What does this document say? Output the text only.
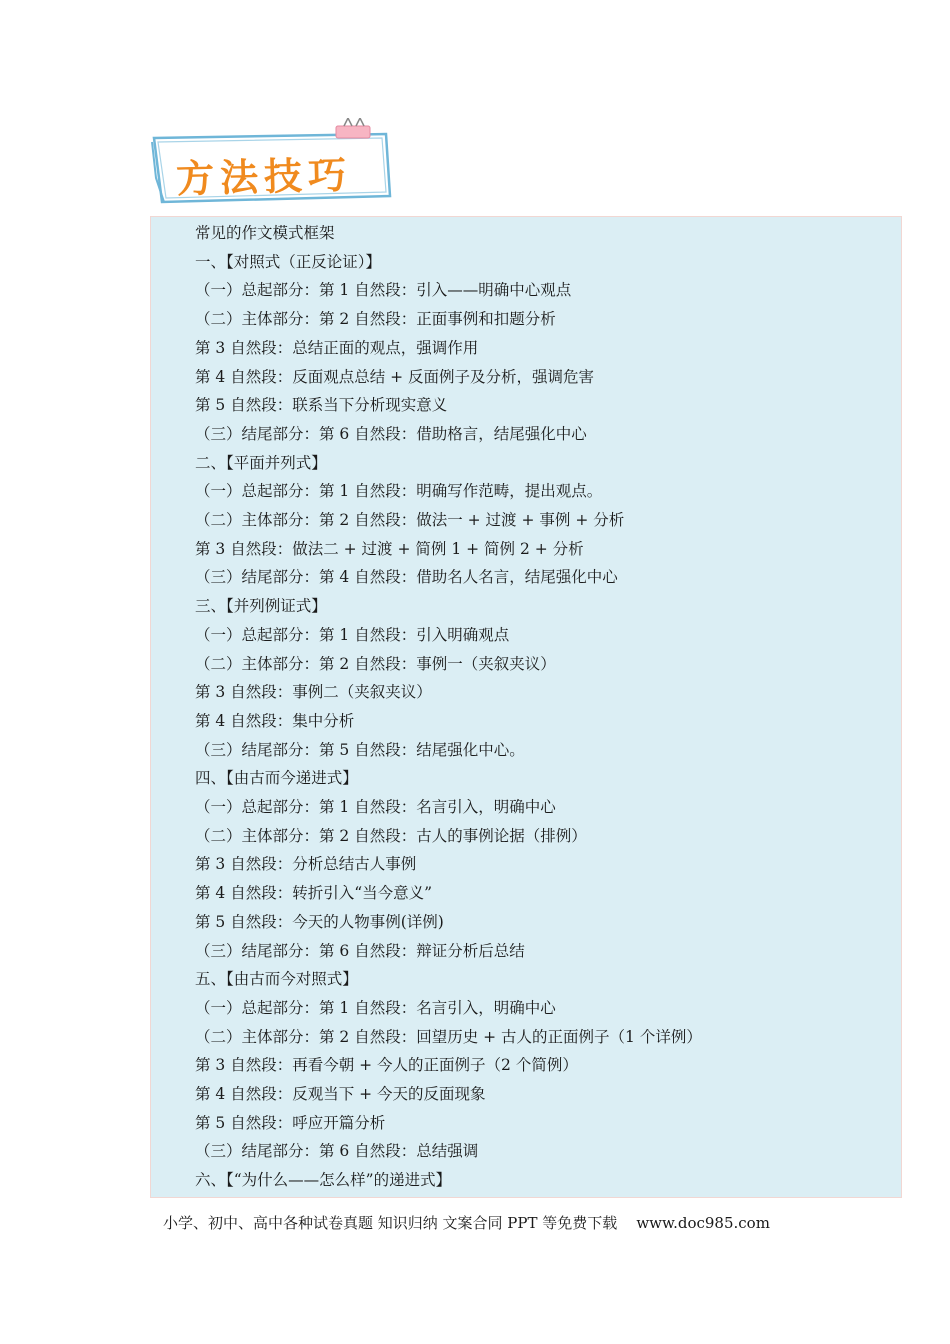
方法技巧
常见的作文模式框架
一、【对照式（正反论证）】
（一）总起部分：第 1 自然段：引入——明确中心观点
（二）主体部分：第 2 自然段：正面事例和扣题分析
第 3 自然段：总结正面的观点，强调作用
第 4 自然段：反面观点总结 + 反面例子及分析，强调危害
第 5 自然段：联系当下分析现实意义
（三）结尾部分：第 6 自然段：借助格言，结尾强化中心
二、【平面并列式】
（一）总起部分：第 1 自然段：明确写作范畴，提出观点。
（二）主体部分：第 2 自然段：做法一 + 过渡 + 事例 + 分析
第 3 自然段：做法二 + 过渡 + 简例 1 + 简例 2 + 分析
（三）结尾部分：第 4 自然段：借助名人名言，结尾强化中心
三、【并列例证式】
（一）总起部分：第 1 自然段：引入明确观点
（二）主体部分：第 2 自然段：事例一（夹叙夹议）
第 3 自然段：事例二（夹叙夹议）
第 4 自然段：集中分析
（三）结尾部分：第 5 自然段：结尾强化中心。
四、【由古而今递进式】
（一）总起部分：第 1 自然段：名言引入，明确中心
（二）主体部分：第 2 自然段：古人的事例论据（排例）
第 3 自然段：分析总结古人事例
第 4 自然段：转折引入“当今意义”
第 5 自然段：今天的人物事例(详例)
（三）结尾部分：第 6 自然段：辩证分析后总结
五、【由古而今对照式】
（一）总起部分：第 1 自然段：名言引入，明确中心
（二）主体部分：第 2 自然段：回望历史 + 古人的正面例子（1 个详例）
第 3 自然段：再看今朝 + 今人的正面例子（2 个简例）
第 4 自然段：反观当下 + 今天的反面现象
第 5 自然段：呼应开篇分析
（三）结尾部分：第 6 自然段：总结强调
六、【“为什么——怎么样”的递进式】
小学、初中、高中各种试卷真题 知识归纳 文案合同 PPT 等免费下载    www.doc985.com
